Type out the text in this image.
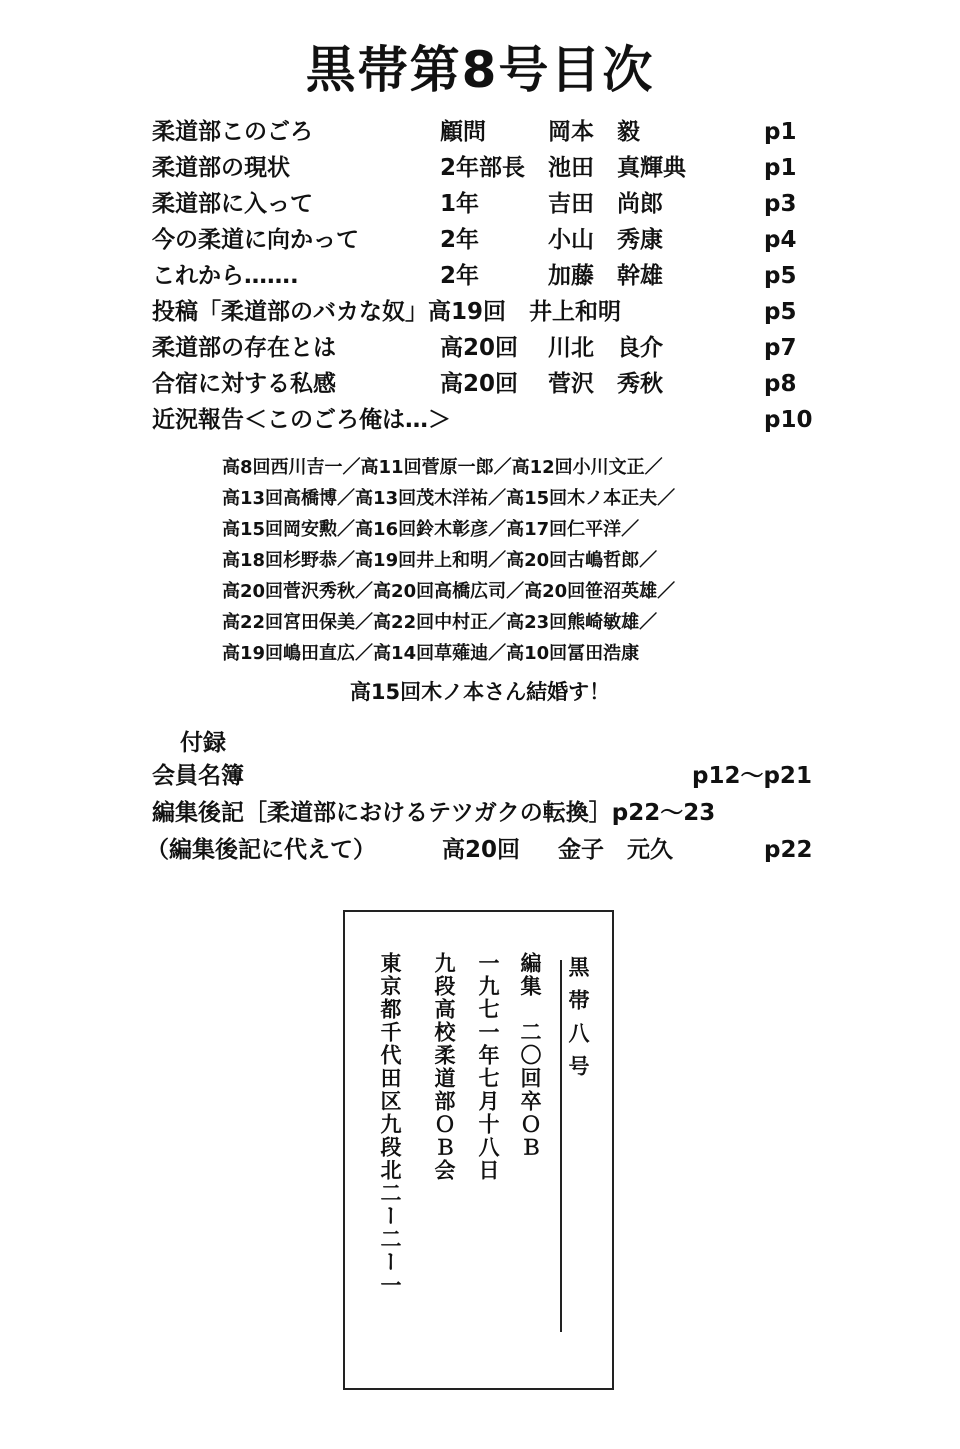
黒帯第8号目次
柔道部このごろ	顧問	岡本　毅	p1
柔道部の現状	2年部長 池田　真輝典	p1
柔道部に入って	1年	吉田　尚郎	p3
今の柔道に向かって	2年	小山　秀康	p4
これから…….	2年	加藤　幹雄	p5
投稿「柔道部のバカな奴」高19回　井上和明	p5
柔道部の存在とは	高20回 川北　良介	p7
合宿に対する私感	高20回 菅沢　秀秋	p8
近況報告＜このごろ俺は…＞	p10
高8回西川吉一／高11回菅原一郎／高12回小川文正／
高13回高橋博／高13回茂木洋祐／高15回木ノ本正夫／
高15回岡安勲／高16回鈴木彰彦／高17回仁平洋／
高18回杉野恭／高19回井上和明／高20回古嶋哲郎／
高20回菅沢秀秋／高20回高橋広司／高20回笹沼英雄／
高22回宮田保美／高22回中村正／高23回熊崎敏雄／
高19回嶋田直広／高14回草薙迪／高10回冨田浩康
高15回木ノ本さん結婚す！
付録
会員名簿	p12〜p21
編集後記［柔道部におけるテツガクの転換］p22〜23
（編集後記に代えて）	高20回 金子　元久	p22
黒帯八号
編集　二〇回卒ＯＢ
一九七一年七月十八日
九段高校柔道部ＯＢ会
東京都千代田区九段北二ー二ー一
